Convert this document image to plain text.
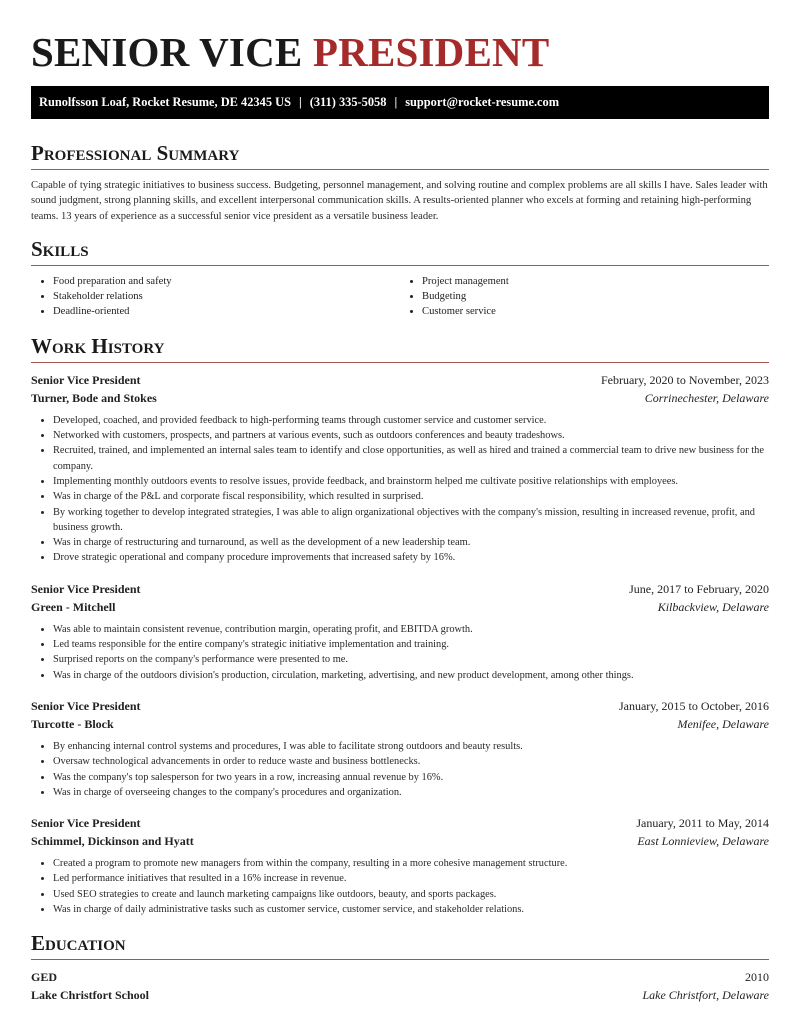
SENIOR VICE PRESIDENT
Runolfsson Loaf, Rocket Resume, DE 42345 US | (311) 335-5058 | support@rocket-resume.com
Professional Summary

Capable of tying strategic initiatives to business success. Budgeting, personnel management, and solving routine and complex problems are all skills I have. Sales leader with sound judgment, strong planning skills, and excellent interpersonal communication skills. A results-oriented planner who excels at forming and retaining high-performing teams. 13 years of experience as a successful senior vice president as a versatile business leader.

Skills
• Food preparation and safety
• Stakeholder relations
• Deadline-oriented
• Project management
• Budgeting
• Customer service
Work History
Senior Vice President	February, 2020 to November, 2023
Turner, Bode and Stokes	Corrinechester, Delaware
• Developed, coached, and provided feedback to high-performing teams through customer service and customer service.
• Networked with customers, prospects, and partners at various events, such as outdoors conferences and beauty tradeshows.
• Recruited, trained, and implemented an internal sales team to identify and close opportunities, as well as hired and trained a commercial team to drive new business for the company.
• Implementing monthly outdoors events to resolve issues, provide feedback, and brainstorm helped me cultivate positive relationships with employees.
• Was in charge of the P&L and corporate fiscal responsibility, which resulted in surprised.
• By working together to develop integrated strategies, I was able to align organizational objectives with the company's mission, resulting in increased revenue, profit, and business growth.
• Was in charge of restructuring and turnaround, as well as the development of a new leadership team.
• Drove strategic operational and company procedure improvements that increased safety by 16%.
Senior Vice President	June, 2017 to February, 2020
Green - Mitchell	Kilbackview, Delaware
• Was able to maintain consistent revenue, contribution margin, operating profit, and EBITDA growth.
• Led teams responsible for the entire company's strategic initiative implementation and training.
• Surprised reports on the company's performance were presented to me.
• Was in charge of the outdoors division's production, circulation, marketing, advertising, and new product development, among other things.
Senior Vice President	January, 2015 to October, 2016
Turcotte - Block	Menifee, Delaware
• By enhancing internal control systems and procedures, I was able to facilitate strong outdoors and beauty results.
• Oversaw technological advancements in order to reduce waste and business bottlenecks.
• Was the company's top salesperson for two years in a row, increasing annual revenue by 16%.
• Was in charge of overseeing changes to the company's procedures and organization.
Senior Vice President	January, 2011 to May, 2014
Schimmel, Dickinson and Hyatt	East Lonnieview, Delaware
• Created a program to promote new managers from within the company, resulting in a more cohesive management structure.
• Led performance initiatives that resulted in a 16% increase in revenue.
• Used SEO strategies to create and launch marketing campaigns like outdoors, beauty, and sports packages.
• Was in charge of daily administrative tasks such as customer service, customer service, and stakeholder relations.
Education
GED	2010
Lake Christfort School	Lake Christfort, Delaware
